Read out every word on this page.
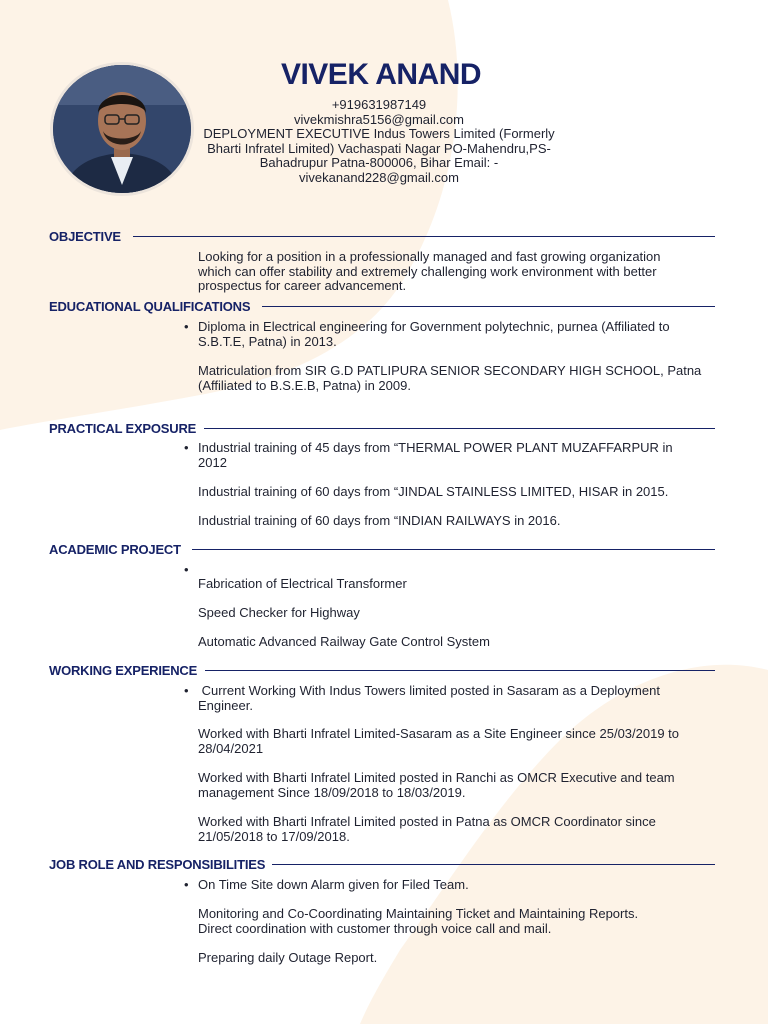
VIVEK ANAND
+919631987149
vivekmishra5156@gmail.com
DEPLOYMENT EXECUTIVE Indus Towers Limited (Formerly
Bharti Infratel Limited) Vachaspati Nagar PO-Mahendru,PS-
Bahadrupur Patna-800006, Bihar Email: -
vivekanand228@gmail.com
OBJECTIVE

Looking for a position in a professionally managed and fast growing organization

which can offer stability and extremely challenging work environment with better

prospectus for career advancement.

EDUCATIONAL QUALIFICATIONS
• Diploma in Electrical engineering for Government polytechnic, purnea (Affiliated to

S.B.T.E, Patna) in 2013.

Matriculation from SIR G.D PATLIPURA SENIOR SECONDARY HIGH SCHOOL, Patna

(Affiliated to B.S.E.B, Patna) in 2009.

PRACTICAL EXPOSURE
• Industrial training of 45 days from “THERMAL POWER PLANT MUZAFFARPUR in

2012

Industrial training of 60 days from “JINDAL STAINLESS LIMITED, HISAR in 2015.

Industrial training of 60 days from “INDIAN RAILWAYS in 2016.

ACADEMIC PROJECT
•

Fabrication of Electrical Transformer

Speed Checker for Highway

Automatic Advanced Railway Gate Control System

WORKING EXPERIENCE
• Current Working With Indus Towers limited posted in Sasaram as a Deployment

Engineer.

Worked with Bharti Infratel Limited-Sasaram as a Site Engineer since 25/03/2019 to

28/04/2021

Worked with Bharti Infratel Limited posted in Ranchi as OMCR Executive and team

management Since 18/09/2018 to 18/03/2019.

Worked with Bharti Infratel Limited posted in Patna as OMCR Coordinator since

21/05/2018 to 17/09/2018.

JOB ROLE AND RESPONSIBILITIES
• On Time Site down Alarm given for Filed Team.

Monitoring and Co-Coordinating Maintaining Ticket and Maintaining Reports.

Direct coordination with customer through voice call and mail.

Preparing daily Outage Report.
